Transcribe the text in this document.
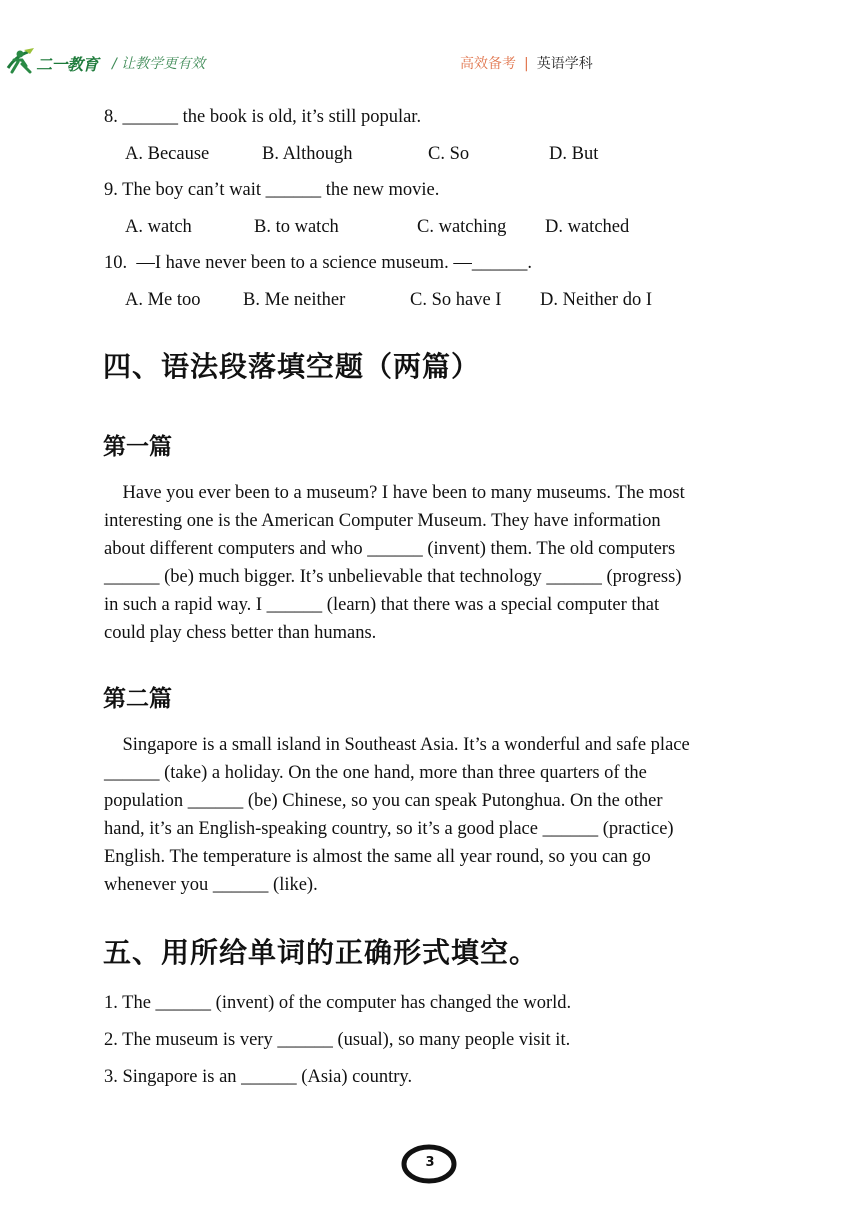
二一教育 / 让教学更有效	高效备考 | 英语学科
8. ______ the book is old, it’s still popular.
A. Because	B. Although	C. So	D. But
9. The boy can’t wait ______ the new movie.
A. watch	B. to watch	C. watching D. watched
10.  —I have never been to a science museum. —______.
A. Me too B. Me neither	C. So have I D. Neither do I
四、语法段落填空题（两篇）
第一篇
Have you ever been to a museum? I have been to many museums. The most
interesting one is the American Computer Museum. They have information
about different computers and who ______ (invent) them. The old computers
______ (be) much bigger. It’s unbelievable that technology ______ (progress)
in such a rapid way. I ______ (learn) that there was a special computer that
could play chess better than humans.
第二篇
Singapore is a small island in Southeast Asia. It’s a wonderful and safe place
______ (take) a holiday. On the one hand, more than three quarters of the
population ______ (be) Chinese, so you can speak Putonghua. On the other
hand, it’s an English-speaking country, so it’s a good place ______ (practice)
English. The temperature is almost the same all year round, so you can go
whenever you ______ (like).
五、用所给单词的正确形式填空。
1. The ______ (invent) of the computer has changed the world.
2. The museum is very ______ (usual), so many people visit it.
3. Singapore is an ______ (Asia) country.
3
